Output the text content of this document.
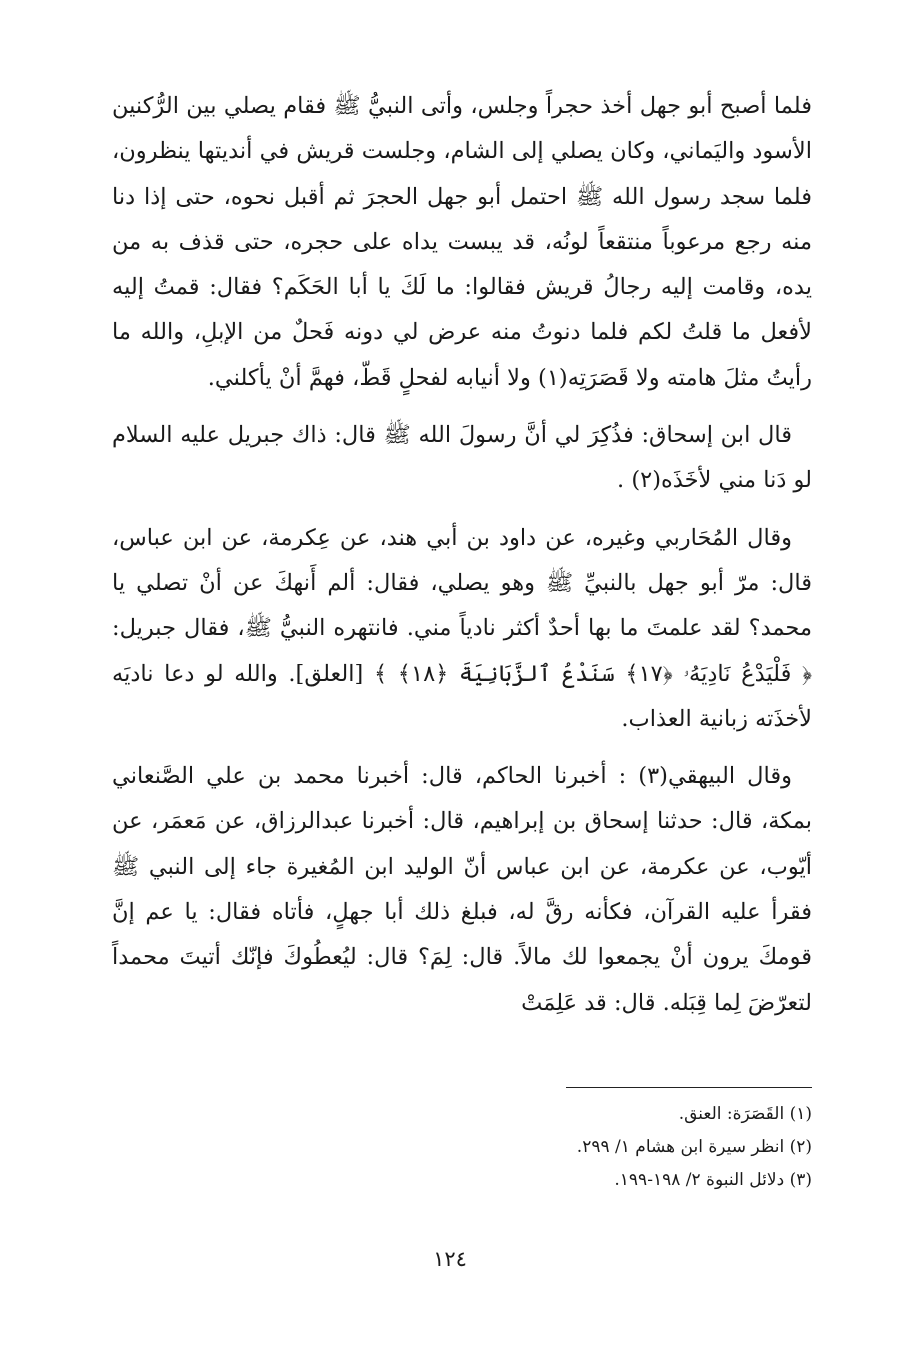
فلما أصبح أبو جهل أخذ حجراً وجلس، وأتى النبيُّ ﷺ فقام يصلي بين الرُّكنين الأسود واليَماني، وكان يصلي إلى الشام، وجلست قريش في أنديتها ينظرون، فلما سجد رسول الله ﷺ احتمل أبو جهل الحجرَ ثم أقبل نحوه، حتى إذا دنا منه رجع مرعوباً منتقعاً لونُه، قد يبست يداه على حجره، حتى قذف به من يده، وقامت إليه رجالُ قريش فقالوا: ما لَكَ يا أبا الحَكَم؟ فقال: قمتُ إليه لأفعل ما قلتُ لكم فلما دنوتُ منه عرض لي دونه فَحلٌ من الإبلِ، والله ما رأيتُ مثلَ هامته ولا قَصَرَتِه(١) ولا أنيابه لفحلٍ قَطّ، فهمَّ أنْ يأكلني.

قال ابن إسحاق: فذُكِرَ لي أنَّ رسولَ الله ﷺ قال: ذاك جبريل عليه السلام لو دَنا مني لأخَذَه(٢) .

وقال المُحَاربي وغيره، عن داود بن أبي هند، عن عِكرمة، عن ابن عباس، قال: مرّ أبو جهل بالنبيِّ ﷺ وهو يصلي، فقال: ألم أَنهكَ عن أنْ تصلي يا محمد؟ لقد علمتَ ما بها أحدٌ أكثر نادياً مني. فانتهره النبيُّ ﷺ، فقال جبريل: ﴿ فَلْيَدْعُ نَادِيَهُۥ ﴿١٧﴾ سَنَدْعُ ٱلزَّبَانِيَةَ ﴿١٨﴾ ﴾ [العلق]. والله لو دعا ناديَه لأخذَته زبانية العذاب.

وقال البيهقي(٣) : أخبرنا الحاكم، قال: أخبرنا محمد بن علي الصَّنعاني بمكة، قال: حدثنا إسحاق بن إبراهيم، قال: أخبرنا عبدالرزاق، عن مَعمَر، عن أيّوب، عن عكرمة، عن ابن عباس أنّ الوليد ابن المُغيرة جاء إلى النبي ﷺ فقرأ عليه القرآن، فكأنه رقَّ له، فبلغ ذلك أبا جهلٍ، فأتاه فقال: يا عم إنَّ قومكَ يرون أنْ يجمعوا لك مالاً. قال: لِمَ؟ قال: ليُعطُوكَ فإنّك أتيتَ محمداً لتعرّضَ لِما قِبَله. قال: قد عَلِمَتْ

(١) القَصَرَة: العنق.
(٢) انظر سيرة ابن هشام ١/ ٢٩٩.
(٣) دلائل النبوة ٢/ ١٩٨-١٩٩.
١٢٤
